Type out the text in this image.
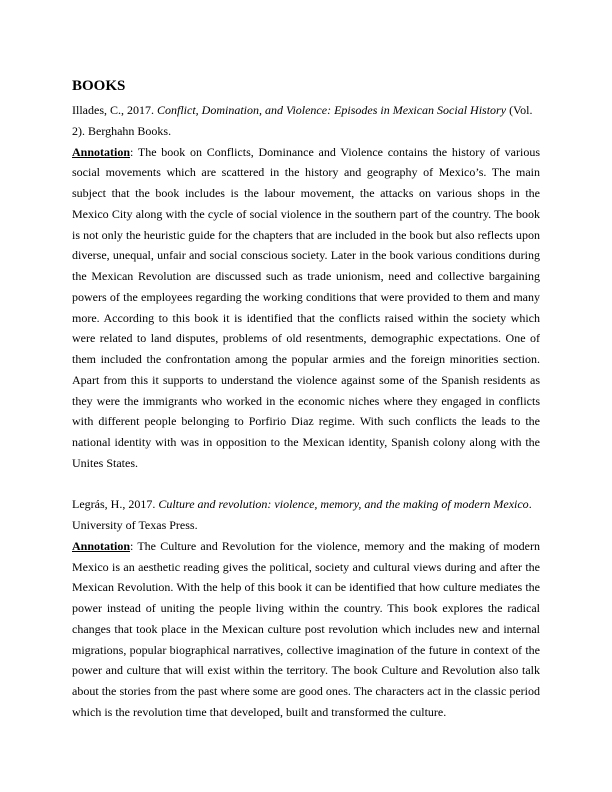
BOOKS

Illades, C., 2017. Conflict, Domination, and Violence: Episodes in Mexican Social History (Vol. 2). Berghahn Books.

Annotation: The book on Conflicts, Dominance and Violence contains the history of various social movements which are scattered in the history and geography of Mexico’s. The main subject that the book includes is the labour movement, the attacks on various shops in the Mexico City along with the cycle of social violence in the southern part of the country. The book is not only the heuristic guide for the chapters that are included in the book but also reflects upon diverse, unequal, unfair and social conscious society. Later in the book various conditions during the Mexican Revolution are discussed such as trade unionism, need and collective bargaining powers of the employees regarding the working conditions that were provided to them and many more. According to this book it is identified that the conflicts raised within the society which were related to land disputes, problems of old resentments, demographic expectations. One of them included the confrontation among the popular armies and the foreign minorities section. Apart from this it supports to understand the violence against some of the Spanish residents as they were the immigrants who worked in the economic niches where they engaged in conflicts with different people belonging to Porfirio Diaz regime. With such conflicts the leads to the national identity with was in opposition to the Mexican identity, Spanish colony along with the Unites States.

Legrás, H., 2017. Culture and revolution: violence, memory, and the making of modern Mexico. University of Texas Press.

Annotation: The Culture and Revolution for the violence, memory and the making of modern Mexico is an aesthetic reading gives the political, society and cultural views during and after the Mexican Revolution. With the help of this book it can be identified that how culture mediates the power instead of uniting the people living within the country. This book explores the radical changes that took place in the Mexican culture post revolution which includes new and internal migrations, popular biographical narratives, collective imagination of the future in context of the power and culture that will exist within the territory. The book Culture and Revolution also talk about the stories from the past where some are good ones. The characters act in the classic period which is the revolution time that developed, built and transformed the culture.
